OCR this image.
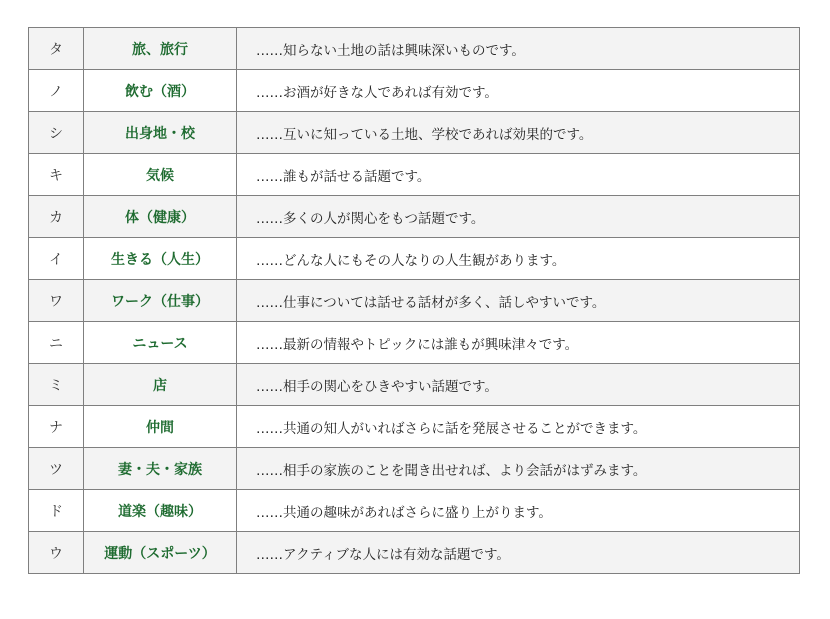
タ	旅、旅行	……知らない土地の話は興味深いものです。
ノ	飲む（酒）	……お酒が好きな人であれば有効です。
シ	出身地・校	……互いに知っている土地、学校であれば効果的です。
キ	気候	……誰もが話せる話題です。
カ	体（健康）	……多くの人が関心をもつ話題です。
イ	生きる（人生）	……どんな人にもその人なりの人生観があります。
ワ	ワーク（仕事）	……仕事については話せる話材が多く、話しやすいです。
ニ	ニュース	……最新の情報やトピックには誰もが興味津々です。
ミ	店	……相手の関心をひきやすい話題です。
ナ	仲間	……共通の知人がいればさらに話を発展させることができます。
ツ	妻・夫・家族	……相手の家族のことを聞き出せれば、より会話がはずみます。
ド	道楽（趣味）	……共通の趣味があればさらに盛り上がります。
ウ	運動（スポーツ）	……アクティブな人には有効な話題です。
